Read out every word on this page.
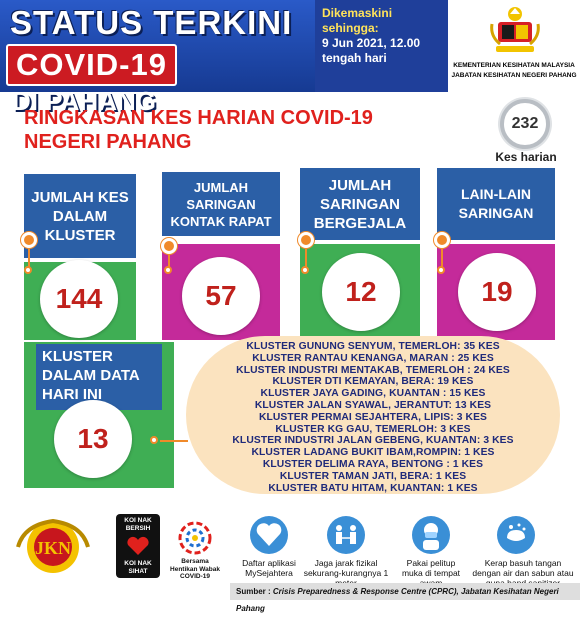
STATUS TERKINI
COVID-19DI PAHANG
Dikemaskini sehingga:
9 Jun 2021, 12.00
tengah hari
KEMENTERIAN KESIHATAN MALAYSIA
JABATAN KESIHATAN NEGERI PAHANG
RINGKASAN KES HARIAN COVID-19
NEGERI PAHANG
232
Kes harian
JUMLAH KES DALAM KLUSTER
JUMLAH SARINGAN KONTAK RAPAT
JUMLAH SARINGAN BERGEJALA
LAIN-LAIN SARINGAN
144	57	12	19
KLUSTER DALAM DATA HARI INI
13
KLUSTER GUNUNG SENYUM, TEMERLOH: 35 KES
KLUSTER RANTAU KENANGA, MARAN : 25 KES
KLUSTER INDUSTRI MENTAKAB, TEMERLOH : 24 KES
KLUSTER DTI KEMAYAN, BERA: 19 KES
KLUSTER JAYA GADING, KUANTAN : 15 KES
KLUSTER JALAN SYAWAL, JERANTUT: 13 KES
KLUSTER PERMAI SEJAHTERA, LIPIS: 3 KES
KLUSTER KG GAU, TEMERLOH: 3 KES
KLUSTER INDUSTRI JALAN GEBENG, KUANTAN: 3 KES
KLUSTER LADANG BUKIT IBAM,ROMPIN: 1 KES
KLUSTER DELIMA RAYA, BENTONG : 1 KES
KLUSTER TAMAN JATI, BERA: 1 KES
KLUSTER BATU HITAM, KUANTAN: 1 KES
JKN
KOI NAK BERSIH
KOI NAK SIHAT
Bersama Hentikan Wabak COVID-19
Daftar aplikasi MySejahtera
Jaga jarak fizikal sekurang-kurangnya 1
Pakai pelitup muka di tempat
Kerap basuh tangan dengan air dan sabun atau
Sumber : Crisis Preparedness & Response Centre (CPRC), Jabatan Kesihatan Negeri Pahang
